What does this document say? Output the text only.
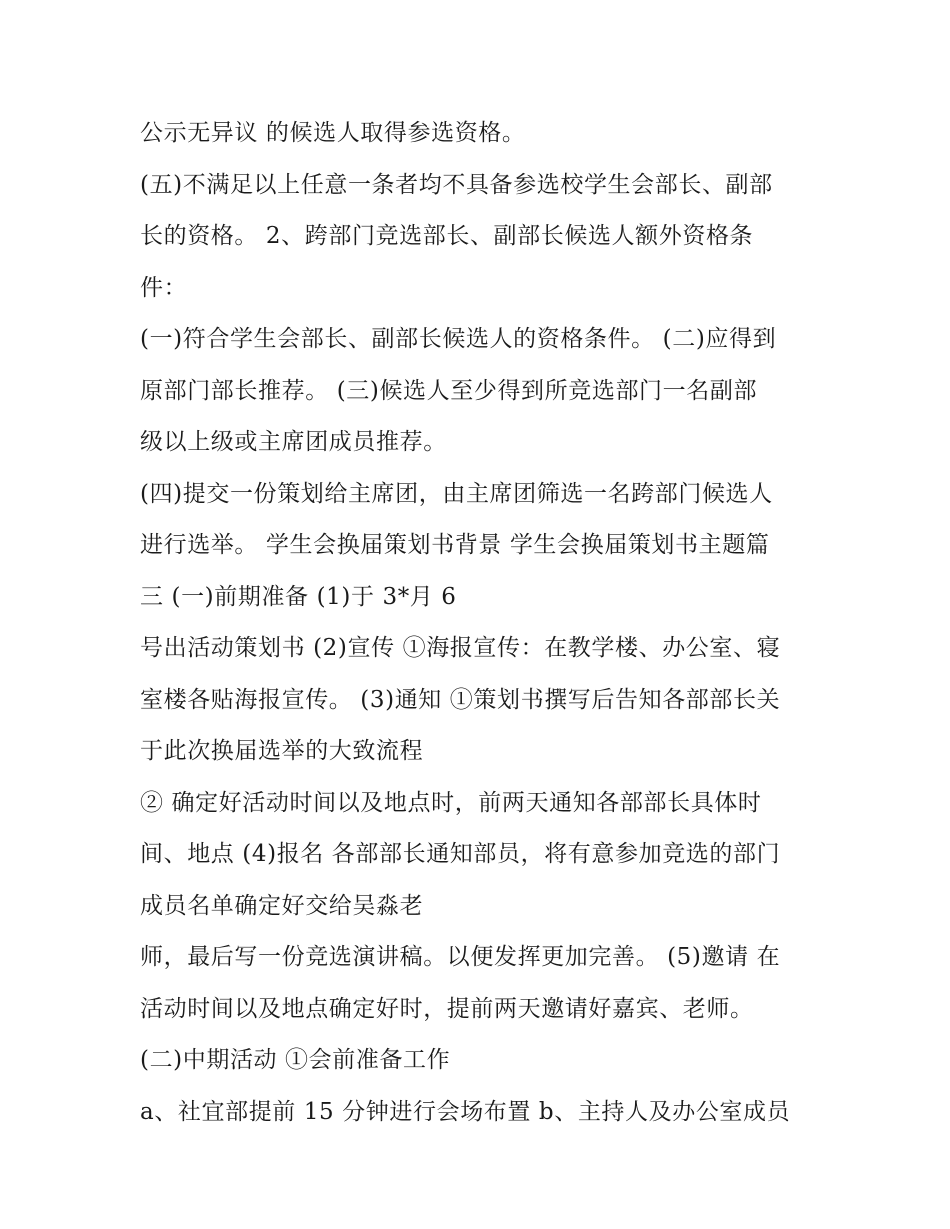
公示无异议 的候选人取得参选资格。
(五)不满足以上任意一条者均不具备参选校学生会部长、副部
长的资格。 2、跨部门竞选部长、副部长候选人额外资格条
件：
(一)符合学生会部长、副部长候选人的资格条件。 (二)应得到
原部门部长推荐。 (三)候选人至少得到所竞选部门一名副部
级以上级或主席团成员推荐。
(四)提交一份策划给主席团，由主席团筛选一名跨部门候选人
进行选举。 学生会换届策划书背景 学生会换届策划书主题篇
三 (一)前期准备 (1)于 3*月 6
号出活动策划书 (2)宣传 ①海报宣传：在教学楼、办公室、寝
室楼各贴海报宣传。 (3)通知 ①策划书撰写后告知各部部长关
于此次换届选举的大致流程
② 确定好活动时间以及地点时，前两天通知各部部长具体时
间、地点 (4)报名 各部部长通知部员，将有意参加竞选的部门
成员名单确定好交给吴淼老
师，最后写一份竞选演讲稿。以便发挥更加完善。 (5)邀请 在
活动时间以及地点确定好时，提前两天邀请好嘉宾、老师。
(二)中期活动 ①会前准备工作
a、社宜部提前 15 分钟进行会场布置 b、主持人及办公室成员
